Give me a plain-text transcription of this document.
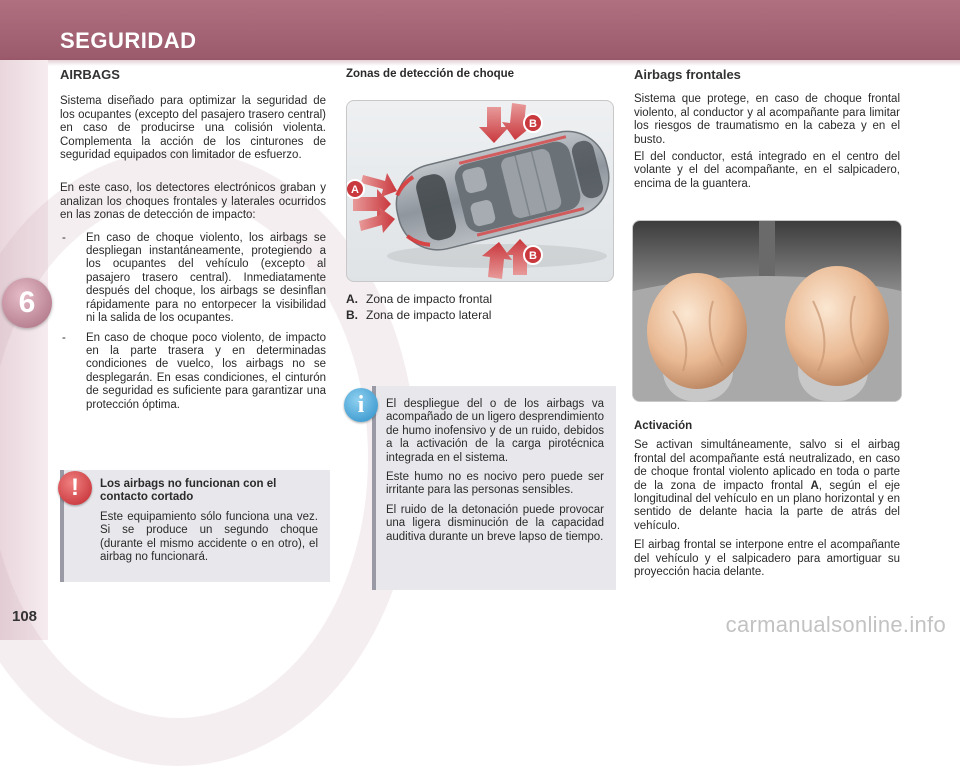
SEGURIDAD
6
108
AIRBAGS

Sistema diseñado para optimizar la seguridad de los ocupantes (excepto del pasajero trasero central) en caso de producirse una colisión violenta. Complementa la acción de los cinturones de seguridad equipados con limitador de esfuerzo.

En este caso, los detectores electrónicos graban y analizan los choques frontales y laterales ocurridos en las zonas de detección de impacto:

- En caso de choque violento, los airbags se despliegan instantáneamente, protegiendo a los ocupantes del vehículo (excepto al pasajero trasero central). Inmediatamente después del choque, los airbags se desinflan rápidamente para no entorpecer la visibilidad ni la salida de los ocupantes.
- En caso de choque poco violento, de impacto en la parte trasera y en determinadas condiciones de vuelco, los airbags no se desplegarán. En esas condiciones, el cinturón de seguridad es suficiente para garantizar una protección óptima.
!	Los airbags no funcionan con el contacto cortado
Este equipamiento sólo funciona una vez. Si se produce un segundo choque (durante el mismo accidente o en otro), el airbag no funcionará.
Zonas de detección de choque
A
B
B
A. Zona de impacto frontal
B. Zona de impacto lateral
i	El despliegue del o de los airbags va acompañado de un ligero desprendimiento de humo inofensivo y de un ruido, debidos a la activación de la carga pirotécnica integrada en el sistema.

Este humo no es nocivo pero puede ser irritante para las personas sensibles.

El ruido de la detonación puede provocar una ligera disminución de la capacidad auditiva durante un breve lapso de tiempo.

Airbags frontales

Sistema que protege, en caso de choque frontal violento, al conductor y al acompañante para limitar los riesgos de traumatismo en la cabeza y en el busto.

El del conductor, está integrado en el centro del volante y el del acompañante, en el salpicadero, encima de la guantera.

Activación

Se activan simultáneamente, salvo si el airbag frontal del acompañante está neutralizado, en caso de choque frontal violento aplicado en toda o parte de la zona de impacto frontal A, según el eje longitudinal del vehículo en un plano horizontal y en sentido de delante hacia la parte de atrás del vehículo.

El airbag frontal se interpone entre el acompañante del vehículo y el salpicadero para amortiguar su proyección hacia delante.

carmanualsonline.info
